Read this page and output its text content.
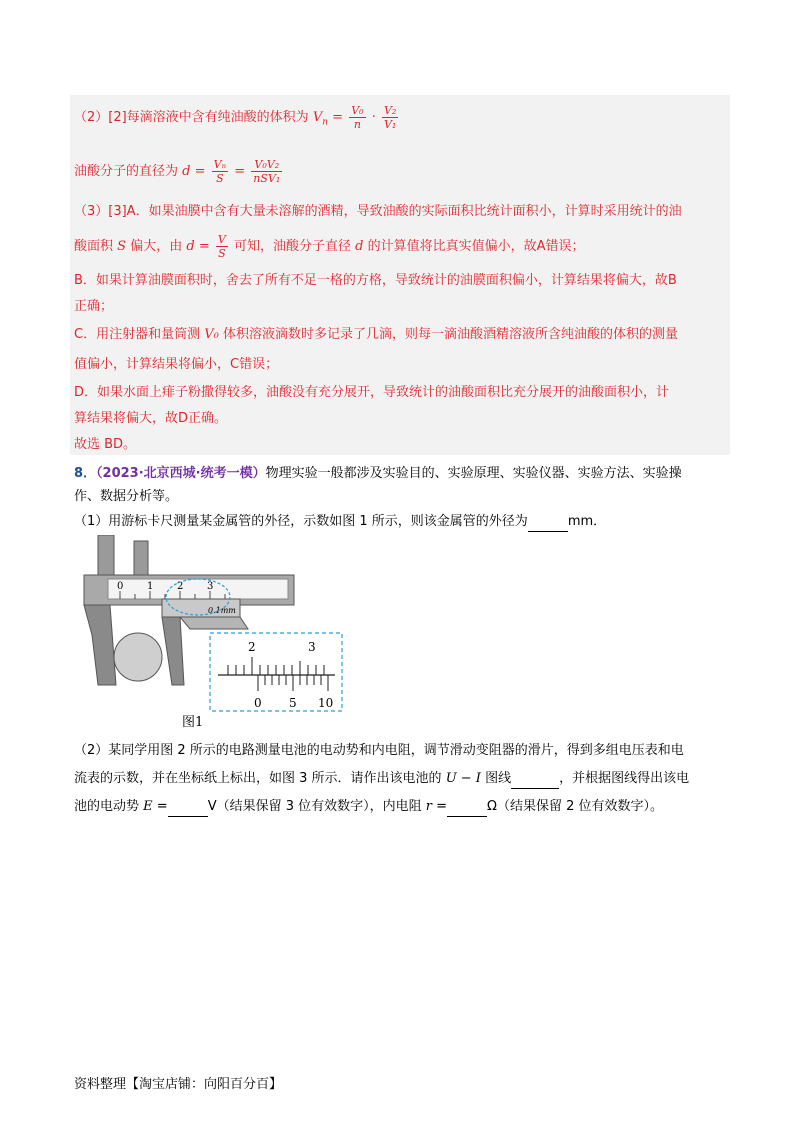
（2）[2]每滴溶液中含有纯油酸的体积为 $V_n = \frac{\text{V₀}}{n} \cdot \frac{\text{V₂}}{\text{V₁}}$
油酸分子的直径为 $d = \frac{\text{Vₙ}}{S} = \frac{\text{V₀V₂}}{\text{nSV₁}}$
（3）[3]A．如果油膜中含有大量未溶解的酒精，导致油酸的实际面积比统计面积小，计算时采用统计的油
酸面积 S 偏大，由 $d = \frac{V}{S}$ 可知，油酸分子直径 d 的计算值将比真实值偏小，故A错误；
B．如果计算油膜面积时，舍去了所有不足一格的方格，导致统计的油膜面积偏小，计算结果将偏大，故B
正确；
C．用注射器和量筒测 V₀ 体积溶液滴数时多记录了几滴，则每一滴油酸酒精溶液所含纯油酸的体积的测量
值偏小，计算结果将偏小，C错误；
D．如果水面上痱子粉撒得较多，油酸没有充分展开，导致统计的油酸面积比充分展开的油酸面积小，计
算结果将偏大，故D正确。
故选 BD。
8．（2023·北京西城·统考一模）物理实验一般都涉及实验目的、实验原理、实验仪器、实验方法、实验操
作、数据分析等。
（1）用游标卡尺测量某金属管的外径，示数如图 1 所示，则该金属管的外径为	mm．
0 1 2 3
0.1mm
2	3
0 5 10
图1
（2）某同学用图 2 所示的电路测量电池的电动势和内电阻，调节滑动变阻器的滑片，得到多组电压表和电
流表的示数，并在坐标纸上标出，如图 3 所示．请作出该电池的 U − I 图线	，并根据图线得出该电
池的电动势 E =	V（结果保留 3 位有效数字），内电阻 r =	Ω（结果保留 2 位有效数字）。
资料整理【淘宝店铺：向阳百分百】
